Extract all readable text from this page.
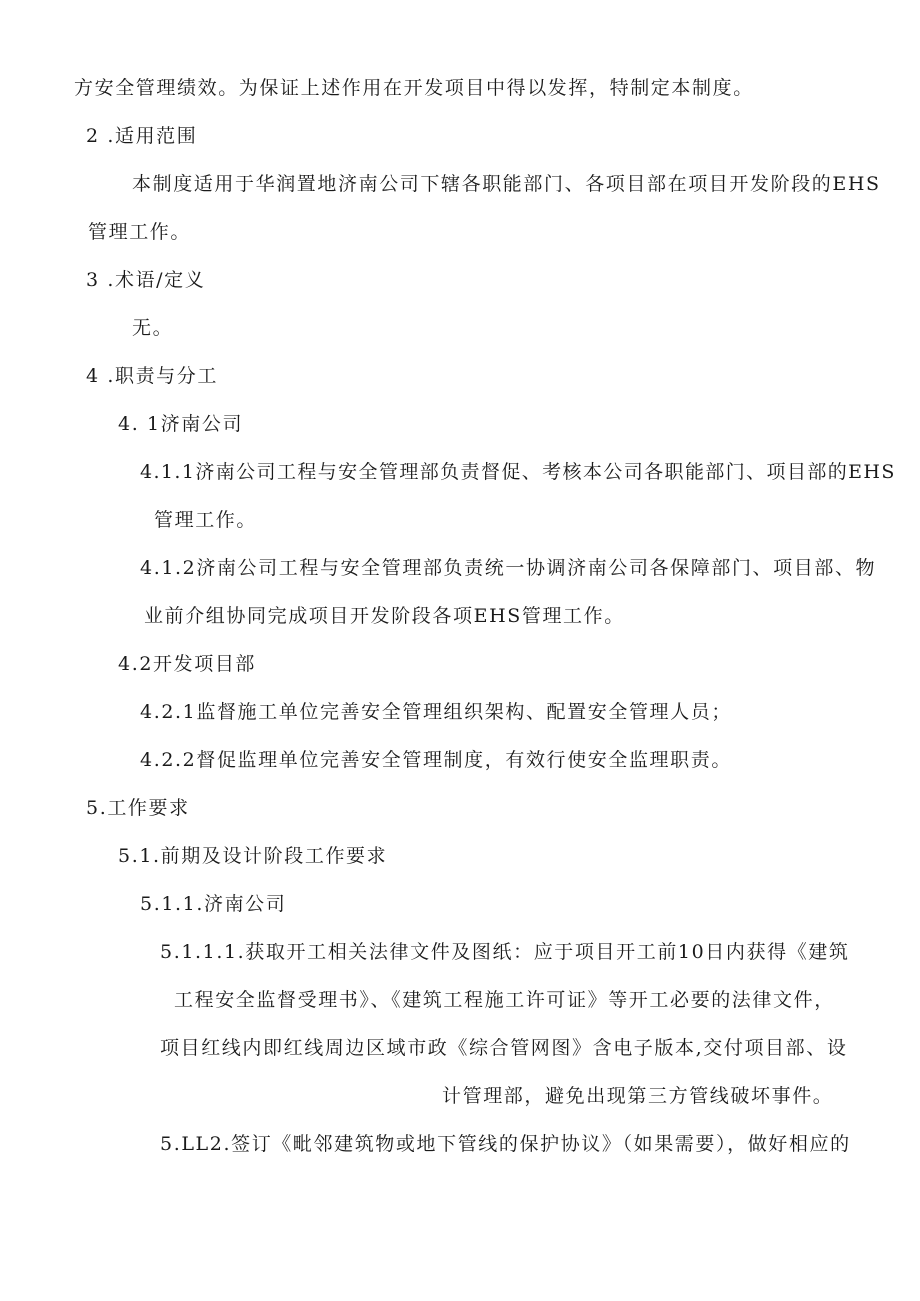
方安全管理绩效。为保证上述作用在开发项目中得以发挥，特制定本制度。
2 .适用范围
本制度适用于华润置地济南公司下辖各职能部门、各项目部在项目开发阶段的EHS
管理工作。
3 .术语/定义
无。
4 .职责与分工
4. 1济南公司
4.1.1济南公司工程与安全管理部负责督促、考核本公司各职能部门、项目部的EHS
管理工作。
4.1.2济南公司工程与安全管理部负责统一协调济南公司各保障部门、项目部、物
业前介组协同完成项目开发阶段各项EHS管理工作。
4.2开发项目部
4.2.1监督施工单位完善安全管理组织架构、配置安全管理人员；
4.2.2督促监理单位完善安全管理制度，有效行使安全监理职责。
5.工作要求
5.1.前期及设计阶段工作要求
5.1.1.济南公司
5.1.1.1.获取开工相关法律文件及图纸：应于项目开工前10日内获得《建筑
工程安全监督受理书》、《建筑工程施工许可证》等开工必要的法律文件，
项目红线内即红线周边区域市政《综合管网图》含电子版本,交付项目部、设
计管理部，避免出现第三方管线破坏事件。
5.LL2.签订《毗邻建筑物或地下管线的保护协议》（如果需要），做好相应的
